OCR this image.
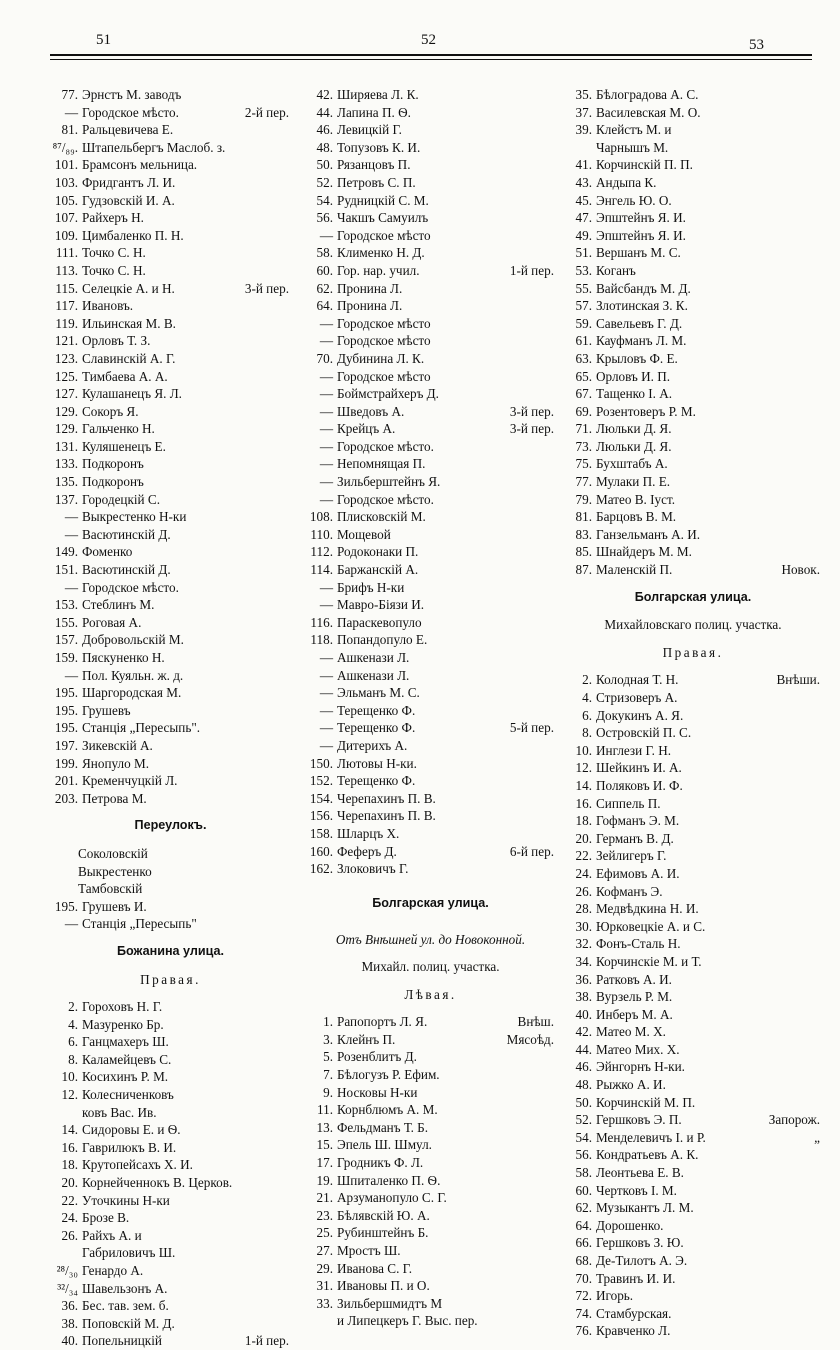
51	52	53
77. Эрнстъ М. заводъ
— Городское мѣсто.	2-й пер.
81. Ральцевичева Е.
⁸⁷/₈₉. Штапельбергъ Маслоб. з.
101. Брамсонъ мельница.
103. Фридгантъ Л. И.
105. Гудзовскій И. А.
107. Райхеръ Н.
109. Цимбаленко П. Н.
111. Точко С. Н.
113. Точко С. Н.
115. Селецкіе А. и Н.	3-й пер.
117. Ивановъ.
119. Ильинская М. В.
121. Орловъ Т. З.
123. Славинскій А. Г.
125. Тимбаева А. А.
127. Кулашанецъ Я. Л.
129. Сокоръ Я.
129. Гальченко Н.
131. Куляшенецъ Е.
133. Подкоронъ
135. Подкоронъ
137. Городецкій С.
— Выкрестенко Н-ки
— Васютинскій Д.
149. Фоменко
151. Васютинскій Д.
— Городское мѣсто.
153. Стеблинъ М.
155. Роговая А.
157. Добровольскій М.
159. Пяскуненко Н.
— Пол. Куяльн. ж. д.
195. Шаргородская М.
195. Грушевъ
195. Станція „Пересыпь".
197. Зикевскій А.
199. Янопуло М.
201. Кременчуцкій Л.
203. Петрова М.
Переулокъ.
Соколовскій
Выкрестенко
Тамбовскій
195. Грушевъ И.
— Станція „Пересыпь"
Божанина улица.
Правая.
2. Гороховъ Н. Г.
4. Мазуренко Бр.
6. Ганцмахеръ Ш.
8. Каламейцевъ С.
10. Косихинъ Р. М.
12. Колесниченковъ
ковъ Вас. Ив.
14. Сидоровы Е. и Ѳ.
16. Гаврилюкъ В. И.
18. Крутопейсахъ Х. И.
20. Корнейченнокъ В. Церков.
22. Уточкины Н-ки
24. Брозе В.
26. Райхъ А. и
Габриловичъ Ш.
²⁸/₃₀ Генардо А.
³²/₃₄ Шавельзонъ А.
36. Бес. тав. зем. б.
38. Поповскій М. Д.
40. Попельницкій	1-й пер.
42. Ширяева Л. К.
44. Лапина П. Ѳ.
46. Левицкій Г.
48. Топузовъ К. И.
50. Рязанцовъ П.
52. Петровъ С. П.
54. Рудницкій С. М.
56. Чакшъ Самуилъ
— Городское мѣсто
58. Клименко Н. Д.
60. Гор. нар. учил.	1-й пер.
62. Пронина Л.
64. Пронина Л.
— Городское мѣсто
— Городское мѣсто
70. Дубинина Л. К.
— Городское мѣсто
— Боймстрайхеръ Д.
— Шведовъ А.	3-й пер.
— Крейцъ А.	3-й пер.
— Городское мѣсто.
— Непомнящая П.
— Зильберштейнъ Я.
— Городское мѣсто.
108. Плисковскій М.
110. Мощевой
112. Родоконаки П.
114. Баржанскій А.
— Брифъ Н-ки
— Мавро-Біязи И.
116. Параскевопуло
118. Попандопуло Е.
— Ашкенази Л.
— Ашкенази Л.
— Эльманъ М. С.
— Терещенко Ф.
— Терещенко Ф.	5-й пер.
— Дитерихъ А.
150. Лютовы Н-ки.
152. Терещенко Ф.
154. Черепахинъ П. В.
156. Черепахинъ П. В.
158. Шларцъ Х.
160. Феферъ Д.	6-й пер.
162. Злоковичъ Г.
Болгарская улица.
Отъ Внѣшней ул. до Новоконной.
Михайл. полиц. участка.
Лѣвая.
1. Рапопортъ Л. Я.	Внѣш.
3. Клейнъ П.	Мясоѣд.
5. Розенблитъ Д.
7. Бѣлогузъ Р. Ефим.
9. Носковы Н-ки
11. Корнблюмъ А. М.
13. Фельдманъ Т. Б.
15. Эпель Ш. Шмул.
17. Гродникъ Ф. Л.
19. Шпиталенко П. Ѳ.
21. Арзуманопуло С. Г.
23. Бѣлявскій Ю. А.
25. Рубинштейнъ Б.
27. Мростъ Ш.
29. Иванова С. Г.
31. Ивановы П. и О.
33. Зильбершмидтъ М
и Липецкеръ Г. Выс. пер.
35. Бѣлоградова А. С.
37. Василевская М. О.
39. Клейстъ М. и
Чарнышъ М.
41. Корчинскій П. П.
43. Андыпа К.
45. Энгель Ю. О.
47. Эпштейнъ Я. И.
49. Эпштейнъ Я. И.
51. Вершанъ М. С.
53. Коганъ
55. Вайсбандъ М. Д.
57. Злотинская З. К.
59. Савельевъ Г. Д.
61. Кауфманъ Л. М.
63. Крыловъ Ф. Е.
65. Орловъ И. П.
67. Тащенко І. А.
69. Розентоверъ Р. М.
71. Люльки Д. Я.
73. Люльки Д. Я.
75. Бухштабъ А.
77. Мулаки П. Е.
79. Матео В. Іуст.
81. Барцовъ В. М.
83. Ганзельманъ А. И.
85. Шнайдеръ М. М.
87. Маленскій П.	Новок.
Болгарская улица.
Михайловскаго полиц. участка.
Правая.
2. Колодная Т. Н.	Внѣши.
4. Стризоверъ А.
6. Докукинъ А. Я.
8. Островскій П. С.
10. Инглези Г. Н.
12. Шейкинъ И. А.
14. Поляковъ И. Ф.
16. Сиппель П.
18. Гофманъ Э. М.
20. Германъ В. Д.
22. Зейлигеръ Г.
24. Ефимовъ А. И.
26. Кофманъ Э.
28. Медвѣдкина Н. И.
30. Юрковецкіе А. и С.
32. Фонъ-Сталь Н.
34. Корчинскіе М. и Т.
36. Ратковъ А. И.
38. Вурзель Р. М.
40. Инберъ М. А.
42. Матео М. Х.
44. Матео Мих. Х.
46. Эйнгорнъ Н-ки.
48. Рыжко А. И.
50. Корчинскій М. П.
52. Гершковъ Э. П.	Запорож.
54. Менделевичъ I. и Р.	„
56. Кондратьевъ А. К.
58. Леонтьева Е. В.
60. Чертковъ І. М.
62. Музыкантъ Л. М.
64. Дорошенко.
66. Гершковъ З. Ю.
68. Де-Тилотъ А. Э.
70. Травинъ И. И.
72. Игорь.
74. Стамбурская.
76. Кравченко Л.
